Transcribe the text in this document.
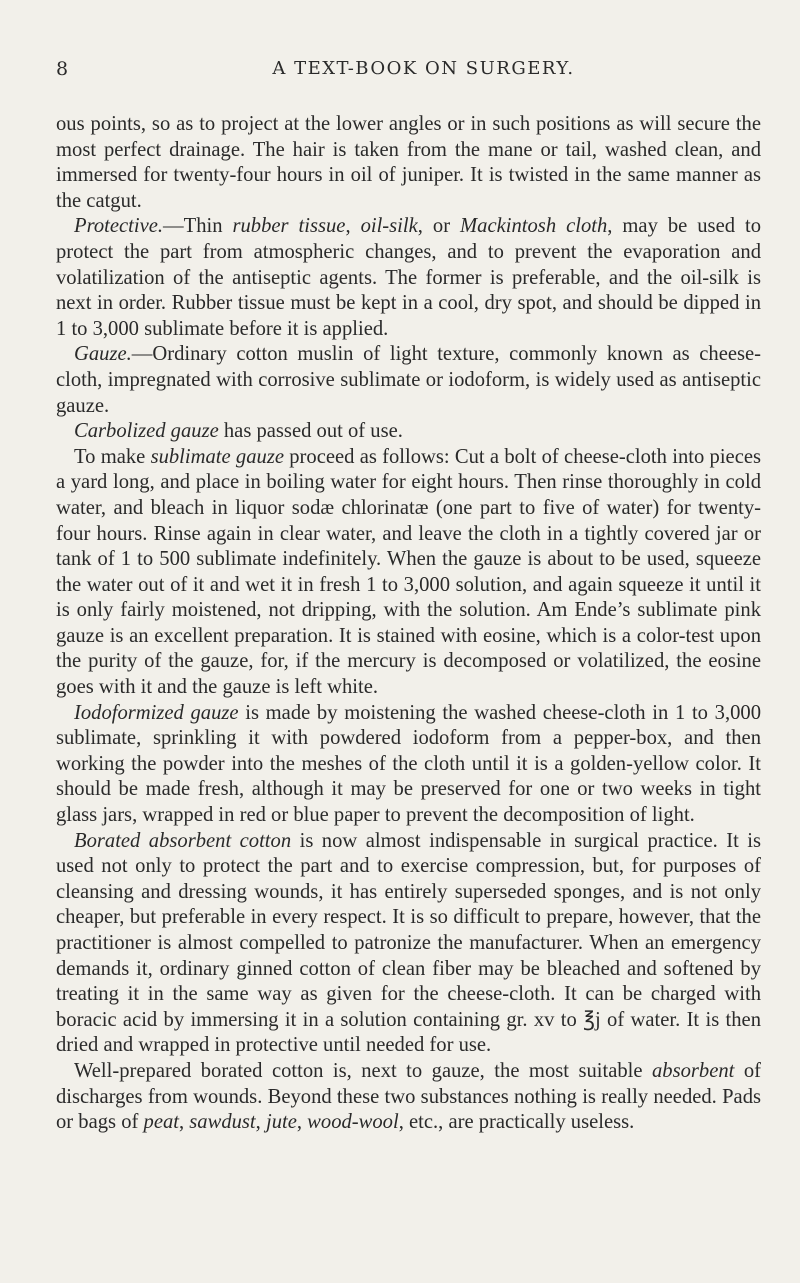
8	A TEXT-BOOK ON SURGERY.

ous points, so as to project at the lower angles or in such positions as will secure the most perfect drainage. The hair is taken from the mane or tail, washed clean, and immersed for twenty-four hours in oil of juniper. It is twisted in the same manner as the catgut.

Protective.—Thin rubber tissue, oil-silk, or Mackintosh cloth, may be used to protect the part from atmospheric changes, and to prevent the evaporation and volatilization of the antiseptic agents. The former is preferable, and the oil-silk is next in order. Rubber tissue must be kept in a cool, dry spot, and should be dipped in 1 to 3,000 sublimate before it is applied.

Gauze.—Ordinary cotton muslin of light texture, commonly known as cheese-cloth, impregnated with corrosive sublimate or iodoform, is widely used as antiseptic gauze.

Carbolized gauze has passed out of use.

To make sublimate gauze proceed as follows: Cut a bolt of cheese-cloth into pieces a yard long, and place in boiling water for eight hours. Then rinse thoroughly in cold water, and bleach in liquor sodæ chlorinatæ (one part to five of water) for twenty-four hours. Rinse again in clear water, and leave the cloth in a tightly covered jar or tank of 1 to 500 sublimate indefinitely. When the gauze is about to be used, squeeze the water out of it and wet it in fresh 1 to 3,000 solution, and again squeeze it until it is only fairly moistened, not dripping, with the solution. Am Ende’s sublimate pink gauze is an excellent preparation. It is stained with eosine, which is a color-test upon the purity of the gauze, for, if the mercury is decomposed or volatilized, the eosine goes with it and the gauze is left white.

Iodoformized gauze is made by moistening the washed cheese-cloth in 1 to 3,000 sublimate, sprinkling it with powdered iodoform from a pepper-box, and then working the powder into the meshes of the cloth until it is a golden-yellow color. It should be made fresh, although it may be preserved for one or two weeks in tight glass jars, wrapped in red or blue paper to prevent the decomposition of light.

Borated absorbent cotton is now almost indispensable in surgical practice. It is used not only to protect the part and to exercise compression, but, for purposes of cleansing and dressing wounds, it has entirely superseded sponges, and is not only cheaper, but preferable in every respect. It is so difficult to prepare, however, that the practitioner is almost compelled to patronize the manufacturer. When an emergency demands it, ordinary ginned cotton of clean fiber may be bleached and softened by treating it in the same way as given for the cheese-cloth. It can be charged with boracic acid by immersing it in a solution containing gr. xv to ℥j of water. It is then dried and wrapped in protective until needed for use.

Well-prepared borated cotton is, next to gauze, the most suitable absorbent of discharges from wounds. Beyond these two substances nothing is really needed. Pads or bags of peat, sawdust, jute, wood-wool, etc., are practically useless.
